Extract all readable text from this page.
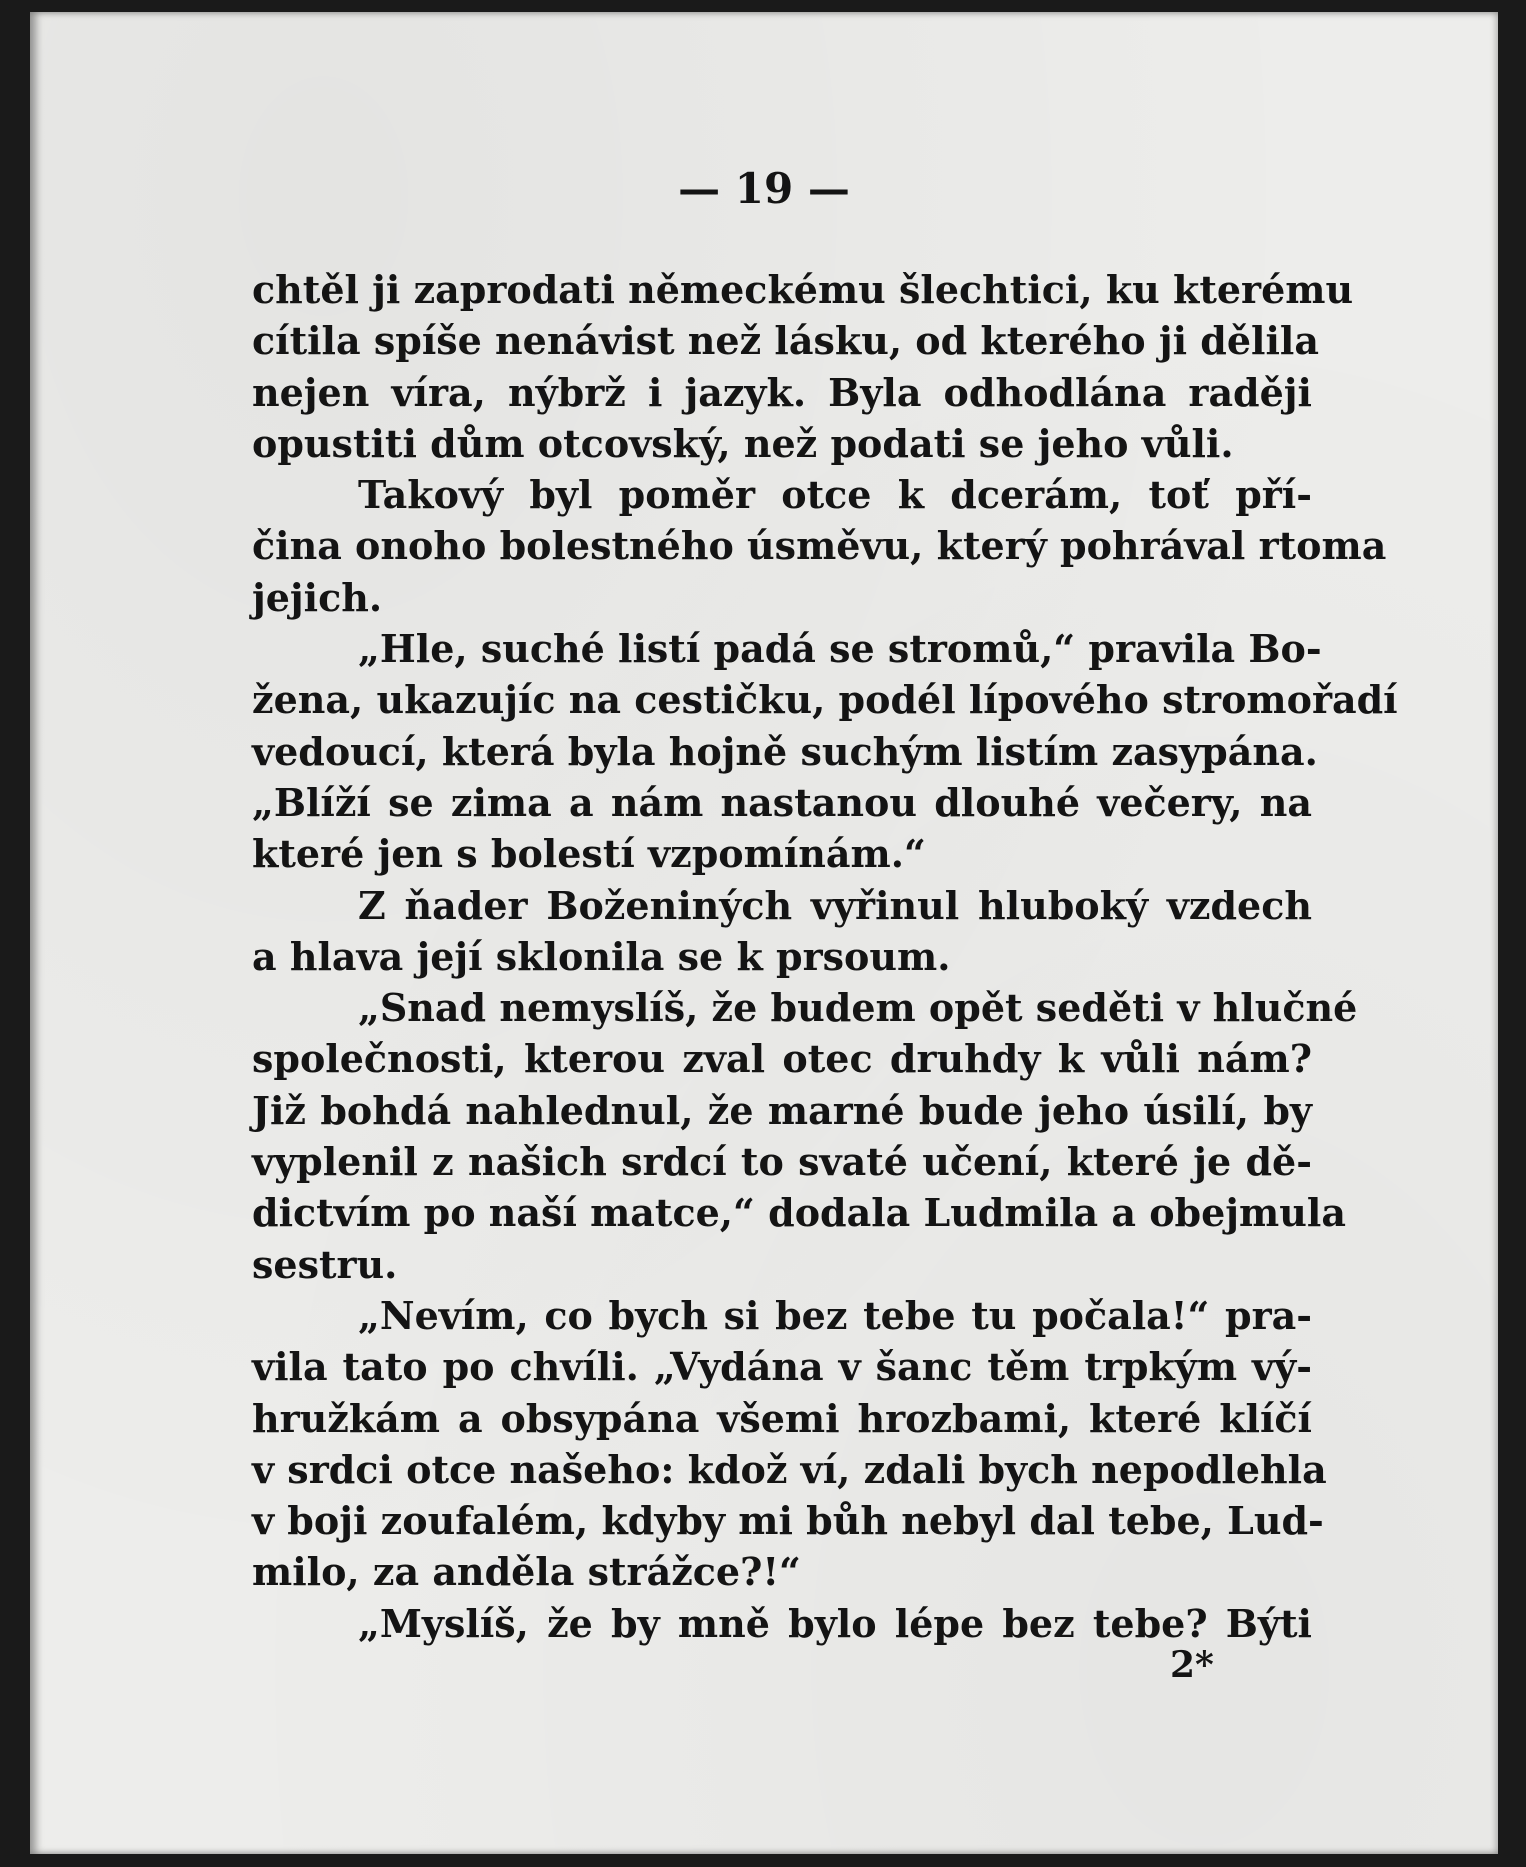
— 19 —
chtěl ji zaprodati německému šlechtici, ku kterému
cítila spíše nenávist než lásku, od kterého ji dělila
nejen víra, nýbrž i jazyk. Byla odhodlána raději
opustiti dům otcovský, než podati se jeho vůli.
Takový byl poměr otce k dcerám, toť pří-
čina onoho bolestného úsměvu, který pohrával rtoma
jejich.
„Hle, suché listí padá se stromů,“ pravila Bo-
žena, ukazujíc na cestičku, podél lípového stromořadí
vedoucí, která byla hojně suchým listím zasypána.
„Blíží se zima a nám nastanou dlouhé večery, na
které jen s bolestí vzpomínám.“
Z ňader Boženiných vyřinul hluboký vzdech
a hlava její sklonila se k prsoum.
„Snad nemyslíš, že budem opět seděti v hlučné
společnosti, kterou zval otec druhdy k vůli nám?
Již bohdá nahlednul, že marné bude jeho úsilí, by
vyplenil z našich srdcí to svaté učení, které je dě-
dictvím po naší matce,“ dodala Ludmila a obejmula
sestru.
„Nevím, co bych si bez tebe tu počala!“ pra-
vila tato po chvíli. „Vydána v šanc těm trpkým vý-
hružkám a obsypána všemi hrozbami, které klíčí
v srdci otce našeho: kdož ví, zdali bych nepodlehla
v boji zoufalém, kdyby mi bůh nebyl dal tebe, Lud-
milo, za anděla strážce?!“
„Myslíš, že by mně bylo lépe bez tebe? Býti
2*
